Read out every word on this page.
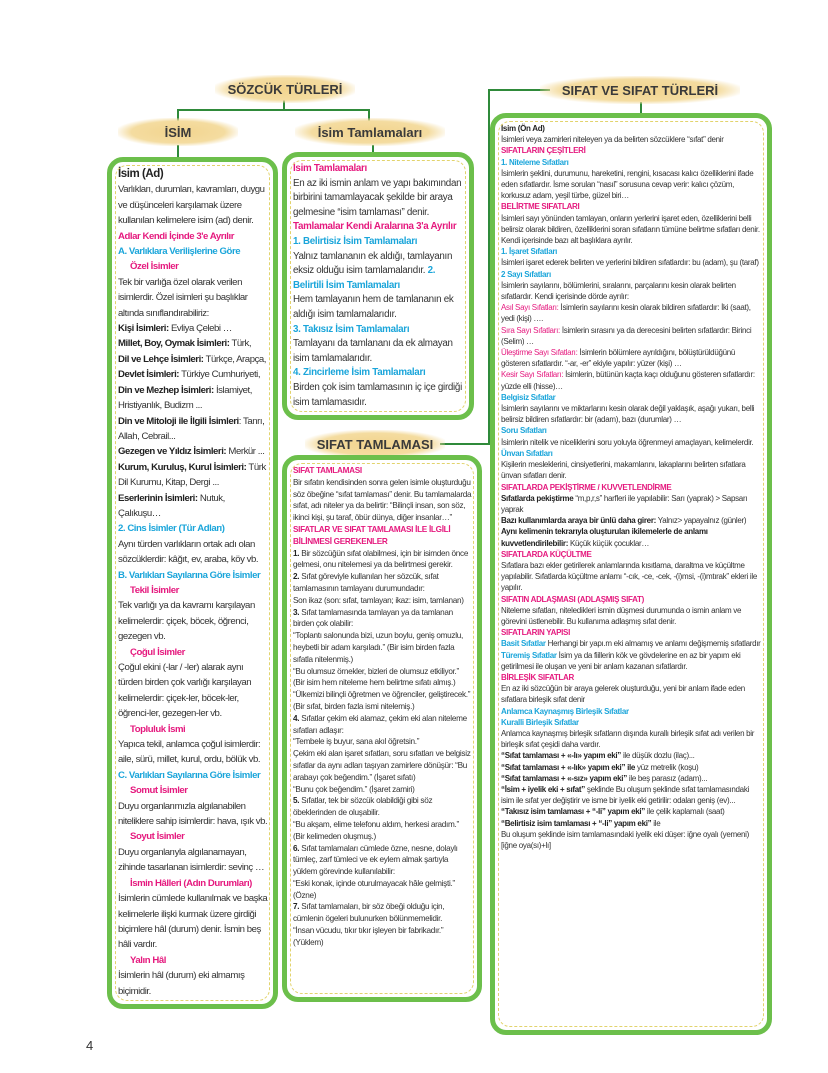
SÖZCÜK TÜRLERİ
İSİM	İsim Tamlamaları
SIFAT TAMLAMASI
SIFAT VE SIFAT TÜRLERİ

İsim (Ad)

Varlıkları, durumları, kavramları, duygu ve düşünceleri karşılamak üzere kullanılan kelimelere isim (ad) denir.

Adlar Kendi İçinde 3'e Ayrılır

A. Varlıklara Verilişlerine Göre

Özel İsimler

Tek bir varlığa özel olarak verilen isimlerdir. Özel isimleri şu başlıklar altında sınıflandırabiliriz:

Kişi İsimleri: Evliya Çelebi …

Millet, Boy, Oymak İsimleri: Türk,

Dil ve Lehçe İsimleri: Türkçe, Arapça,

Devlet İsimleri: Türkiye Cumhuriyeti,

Din ve Mezhep İsimleri: İslamiyet, Hristiyanlık, Budizm ...

Din ve Mitoloji ile İlgili İsimleri: Tanrı, Allah, Cebrail...

Gezegen ve Yıldız İsimleri: Merkür ...

Kurum, Kuruluş, Kurul İsimleri: Türk Dil Kurumu, Kitap, Dergi ...

Eserlerinin İsimleri: Nutuk, Çalıkuşu…

2. Cins İsimler (Tür Adları)

Aynı türden varlıkların ortak adı olan sözcüklerdir: kâğıt, ev, araba, köy vb.

B. Varlıkları Sayılarına Göre İsimler

Tekil İsimler

Tek varlığı ya da kavramı karşılayan kelimelerdir: çiçek, böcek, öğrenci, gezegen vb.

Çoğul İsimler

Çoğul ekini (-lar / -ler) alarak aynı türden birden çok varlığı karşılayan kelimelerdir: çiçek-ler, böcek-ler, öğrenci-ler, gezegen-ler vb.

Topluluk İsmi

Yapıca tekil, anlamca çoğul isimlerdir: aile, sürü, millet, kurul, ordu, bölük vb.

C. Varlıkları Sayılarına Göre İsimler

Somut İsimler

Duyu organlarımızla algılanabilen niteliklere sahip isimlerdir: hava, ışık vb.

Soyut İsimler

Duyu organlarıyla algılanamayan, zihinde tasarlanan isimlerdir: sevinç …

İsmin Hâlleri (Adın Durumları)

İsimlerin cümlede kullanılmak ve başka kelimelerle ilişki kurmak üzere girdiği biçimlere hâl (durum) denir. İsmin beş hâli vardır.

Yalın Hâl

İsimlerin hâl (durum) eki almamış biçimidir.

İsim Tamlamaları

En az iki ismin anlam ve yapı bakımından birbirini tamamlayacak şekilde bir araya gelmesine “isim tamlaması” denir.

Tamlamalar Kendi Aralarına 3'a Ayrılır

1. Belirtisiz İsim Tamlamaları

Yalnız tamlananın ek aldığı, tamlayanın eksiz olduğu isim tamlamalarıdır. 2. Belirtili İsim Tamlamaları

Hem tamlayanın hem de tamlananın ek aldığı isim tamlamalarıdır.

3. Takısız İsim Tamlamaları

Tamlayanı da tamlananı da ek almayan isim tamlamalarıdır.

4. Zincirleme İsim Tamlamaları

Birden çok isim tamlamasının iç içe girdiği isim tamlamasıdır.

SIFAT TAMLAMASI

Bir sıfatın kendisinden sonra gelen isimle oluşturduğu söz öbeğine “sıfat tamlaması” denir. Bu tamlamalarda sıfat, adı niteler ya da belirtir: “Bilinçli insan, son söz, ikinci kişi, şu taraf, öbür dünya, diğer insanlar…”

SIFATLAR VE SIFAT TAMLAMASI İLE İLGİLİ BİLİNMESİ GEREKENLER

1. Bir sözcüğün sıfat olabilmesi, için bir isimden önce gelmesi, onu nitelemesi ya da belirtmesi gerekir.

2. Sıfat göreviyle kullanılan her sözcük, sıfat tamlamasının tamlayanı durumundadır:

Son ikaz (son: sıfat, tamlayan; ikaz: isim, tamlanan)

3. Sıfat tamlamasında tamlayan ya da tamlanan birden çok olabilir:

“Toplantı salonunda bizi, uzun boylu, geniş omuzlu, heybetli bir adam karşıladı.” (Bir isim birden fazla sıfatla nitelenmiş.)

“Bu olumsuz örnekler, bizleri de olumsuz etkiliyor.” (Bir isim hem niteleme hem belirtme sıfatı almış.)

“Ülkemizi bilinçli öğretmen ve öğrenciler, geliştirecek.” (Bir sıfat, birden fazla ismi nitelemiş.)

4. Sıfatlar çekim eki alamaz, çekim eki alan niteleme sıfatları adlaşır:

“Tembele iş buyur, sana akıl öğretsin.”

Çekim eki alan işaret sıfatları, soru sıfatları ve belgisiz sıfatlar da aynı adları taşıyan zamirlere dönüşür: “Bu arabayı çok beğendim.” (İşaret sıfatı)

“Bunu çok beğendim.” (İşaret zamiri)

5. Sıfatlar, tek bir sözcük olabildiği gibi söz öbeklerinden de oluşabilir.

“Bu akşam, elime telefonu aldım, herkesi aradım.” (Bir kelimeden oluşmuş.)

6. Sıfat tamlamaları cümlede özne, nesne, dolaylı tümleç, zarf tümleci ve ek eylem almak şartıyla yüklem görevinde kullanılabilir:

“Eski konak, içinde oturulmayacak hâle gelmişti.” (Özne)

7. Sıfat tamlamaları, bir söz öbeği olduğu için, cümlenin ögeleri bulunurken bölünmemelidir.

“İnsan vücudu, tıkır tıkır işleyen bir fabrikadır.” (Yüklem)

İsim (Ön Ad)

İsimleri veya zamirleri niteleyen ya da belirten sözcüklere “sıfat” denir

SIFATLARIN ÇEŞİTLERİ

1. Niteleme Sıfatları

İsimlerin şeklini, durumunu, hareketini, rengini, kısacası kalıcı özelliklerini ifade eden sıfatlardır. İsme sorulan “nasıl” sorusuna cevap verir: kalıcı çözüm, korkusuz adam, yeşil türbe, güzel biri…

BELİRTME SIFATLARI

İsimleri sayı yönünden tamlayan, onların yerlerini işaret eden, özelliklerini belli belirsiz olarak bildiren, özelliklerini soran sıfatların tümüne belirtme sıfatları denir. Kendi içerisinde bazı alt başlıklara ayrılır.

1. İşaret Sıfatları

İsimleri işaret ederek belirten ve yerlerini bildiren sıfatlardır: bu (adam), şu (taraf)

2 Sayı Sıfatları

İsimlerin sayılarını, bölümlerini, sıralarını, parçalarını kesin olarak belirten sıfatlardır. Kendi içerisinde dörde ayrılır:

Asıl Sayı Sıfatları: İsimlerin sayılarını kesin olarak bildiren sıfatlardır: İki (saat), yedi (kişi) ….

Sıra Sayı Sıfatları: İsimlerin sırasını ya da derecesini belirten sıfatlardır: Birinci (Selim) …

Üleştirme Sayı Sıfatları: İsimlerin bölümlere ayrıldığını, bölüştürüldüğünü gösteren sıfatlardır. “-ar, -er” ekiyle yapılır: yüzer (kişi) …

Kesir Sayı Sıfatları: İsimlerin, bütünün kaçta kaçı olduğunu gösteren sıfatlardır: yüzde elli (hisse)…

Belgisiz Sıfatlar

İsimlerin sayılarını ve miktarlarını kesin olarak değil yaklaşık, aşağı yukarı, belli belirsiz bildiren sıfatlardır: bir (adam), bazı (durumlar) …

Soru Sıfatları

İsimlerin nitelik ve niceliklerini soru yoluyla öğrenmeyi amaçlayan, kelimelerdir.

Ünvan Sıfatları

Kişilerin mesleklerini, cinsiyetlerini, makamlarını, lakaplarını belirten sıfatlara ünvan sıfatları denir.

SIFATLARDA PEKİŞTİRME / KUVVETLENDİRME

Sıfatlarda pekiştirme “m,p,r,s” harfleri ile yapılabilir: Sarı (yaprak) > Sapsarı yaprak

Bazı kullanımlarda araya bir ünlü daha girer: Yalnız> yapayalnız (günler)

Aynı kelimenin tekrarıyla oluşturulan ikilemelerle de anlamı kuvvetlendirilebilir: Küçük küçük çocuklar…

SIFATLARDA KÜÇÜLTME

Sıfatlara bazı ekler getirilerek anlamlarında kısıtlama, daraltma ve küçültme yapılabilir. Sıfatlarda küçültme anlamı “-cık, -ce, -cek, -(i)msi, -(i)mtırak” ekleri ile yapılır.

SIFATIN ADLAŞMASI (ADLAŞMIŞ SIFAT)

Niteleme sıfatları, niteledikleri ismin düşmesi durumunda o ismin anlam ve görevini üstlenebilir. Bu kullanıma adlaşmış sıfat denir.

SIFATLARIN YAPISI

Basit Sıfatlar Herhangi bir yapı.m eki almamış ve anlamı değişmemiş sıfatlardır

Türemiş Sıfatlar İsim ya da fiillerin kök ve gövdelerine en az bir yapım eki getirilmesi ile oluşan ve yeni bir anlam kazanan sıfatlardır.

BİRLEŞİK SIFATLAR

En az iki sözcüğün bir araya gelerek oluşturduğu, yeni bir anlam ifade eden sıfatlara birleşik sıfat denir

Anlamca Kaynaşmış Birleşik Sıfatlar

Kuralli Birleşik Sıfatlar

Anlamca kaynaşmış birleşik sıfatların dışında kurallı birleşik sıfat adı verilen bir birleşik sıfat çeşidi daha vardır.

“Sıfat tamlaması + «-lı» yapım eki” ile düşük dozlu (ilaç)...

“Sıfat tamlaması + «-lık» yapım eki” ile yüz metrelik (koşu)

“Sıfat tamlaması + «-sız» yapım eki” ile beş parasız (adam)...

“İsim + iyelik eki + sıfat” şeklinde Bu oluşum şeklinde sıfat tamlamasındaki isim ile sıfat yer değiştirir ve isme bir iyelik eki getirilir: odaları geniş (ev)...

“Takısız isim tamlaması + “-li” yapım eki” ile çelik kaplamalı (saat)

“Belirtisiz isim tamlaması + “-li” yapım eki” ile

Bu oluşum şeklinde isim tamlamasındaki iyelik eki düşer: iğne oyalı (yemeni) [iğne oya(sı)+lı]

4
